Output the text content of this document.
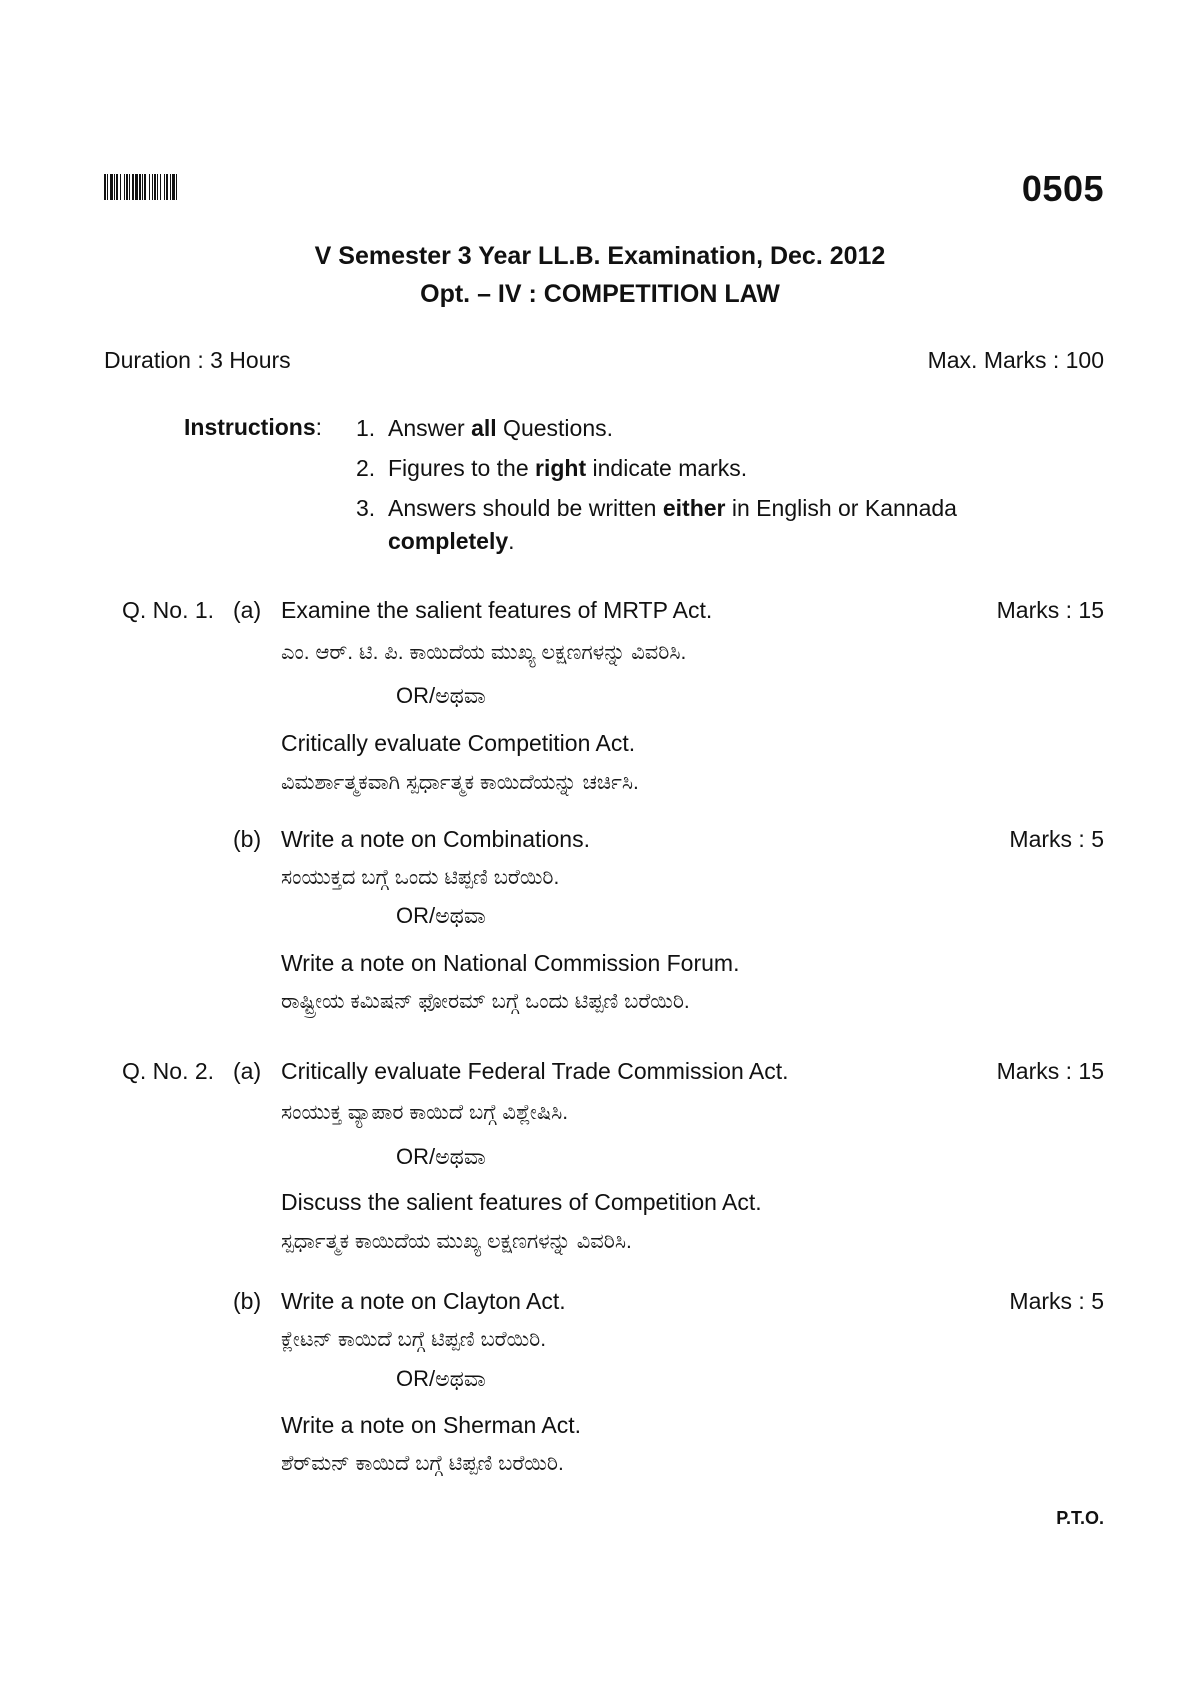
0505
V Semester 3 Year LL.B. Examination, Dec. 2012
Opt. – IV : COMPETITION LAW
Duration : 3 Hours	Max. Marks : 100
Instructions: 1. Answer all Questions.
2. Figures to the right indicate marks.
3. Answers should be written either in English or Kannada
completely.
Q. No. 1. (a) Examine the salient features of MRTP Act.	Marks : 15
ಎಂ. ಆರ್. ಟಿ. ಪಿ. ಕಾಯಿದೆಯ ಮುಖ್ಯ ಲಕ್ಷಣಗಳನ್ನು ವಿವರಿಸಿ.
OR/ಅಥವಾ
Critically evaluate Competition Act.
ವಿಮರ್ಶಾತ್ಮಕವಾಗಿ ಸ್ಪರ್ಧಾತ್ಮಕ ಕಾಯಿದೆಯನ್ನು ಚರ್ಚಿಸಿ.
(b) Write a note on Combinations.	Marks : 5
ಸಂಯುಕ್ತದ ಬಗ್ಗೆ ಒಂದು ಟಿಪ್ಪಣಿ ಬರೆಯಿರಿ.
OR/ಅಥವಾ
Write a note on National Commission Forum.
ರಾಷ್ಟ್ರೀಯ ಕಮಿಷನ್ ಫೋರಮ್ ಬಗ್ಗೆ ಒಂದು ಟಿಪ್ಪಣಿ ಬರೆಯಿರಿ.
Q. No. 2. (a) Critically evaluate Federal Trade Commission Act.	Marks : 15
ಸಂಯುಕ್ತ ವ್ಯಾಪಾರ ಕಾಯಿದೆ ಬಗ್ಗೆ ವಿಶ್ಲೇಷಿಸಿ.
OR/ಅಥವಾ
Discuss the salient features of Competition Act.
ಸ್ಪರ್ಧಾತ್ಮಕ ಕಾಯಿದೆಯ ಮುಖ್ಯ ಲಕ್ಷಣಗಳನ್ನು ವಿವರಿಸಿ.
(b) Write a note on Clayton Act.	Marks : 5
ಕ್ಲೇಟನ್ ಕಾಯಿದೆ ಬಗ್ಗೆ ಟಿಪ್ಪಣಿ ಬರೆಯಿರಿ.
OR/ಅಥವಾ
Write a note on Sherman Act.
ಶೆರ್‌ಮನ್ ಕಾಯಿದೆ ಬಗ್ಗೆ ಟಿಪ್ಪಣಿ ಬರೆಯಿರಿ.
P.T.O.
